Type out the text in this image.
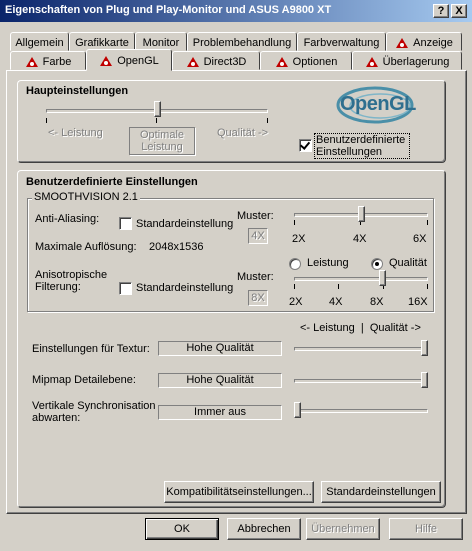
Eigenschaften von Plug und Play-Monitor und ASUS A9800 XT	? X
Allgemein Grafikkarte Monitor Problembehandlung Farbverwaltung	Anzeige
Farbe	OpenGL	Direct3D	Optionen	Überlagerung
Haupteinstellungen
<- Leistung	Optimale Leistung
Qualität ->
OpenGL
Benutzerdefinierte Einstellungen
Benutzerdefinierte Einstellungen
SMOOTHVISION 2.1
Anti-Aliasing:	Standardeinstellung
Muster:
4X 2X	4X	6X
Maximale Auflösung: 2048x1536
Anisotropische Filterung:	Standardeinstellung
Muster:
8X
Leistung	Qualität
2X 4X	8X 16X
<- Leistung  |  Qualität ->
Einstellungen für Textur:	Hohe Qualität
Mipmap Detailebene:	Hohe Qualität
Vertikale Synchronisation abwarten:	Immer aus
Kompatibilitätseinstellungen...	Standardeinstellungen
OK	Abbrechen	Übernehmen	Hilfe
